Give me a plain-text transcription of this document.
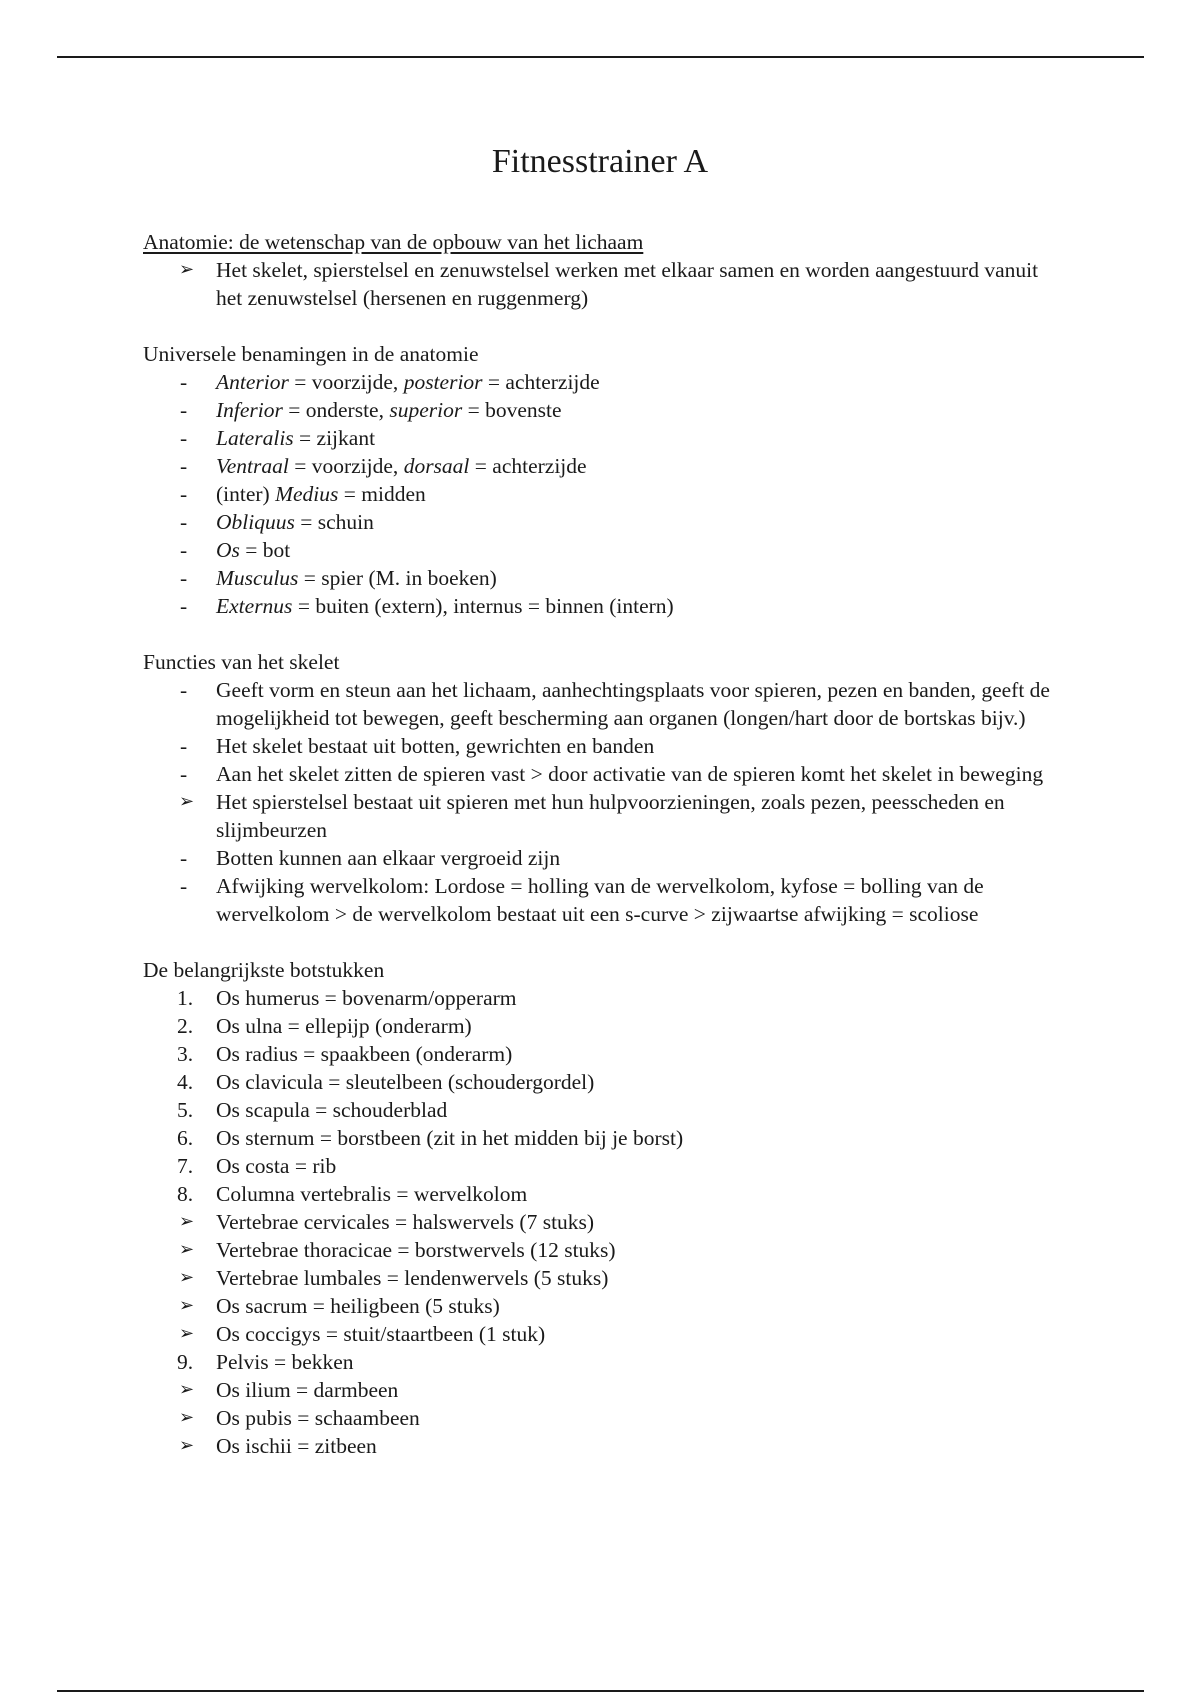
Fitnesstrainer A

Anatomie: de wetenschap van de opbouw van het lichaam

➢	Het skelet, spierstelsel en zenuwstelsel werken met elkaar samen en worden aangestuurd vanuit het zenuwstelsel (hersenen en ruggenmerg)

Universele benamingen in de anatomie

-	Anterior = voorzijde, posterior = achterzijde
-	Inferior = onderste, superior = bovenste
-	Lateralis = zijkant
-	Ventraal = voorzijde, dorsaal = achterzijde
-	(inter) Medius = midden
-	Obliquus = schuin
-	Os = bot
-	Musculus = spier (M. in boeken)
-	Externus = buiten (extern), internus = binnen (intern)

Functies van het skelet

-	Geeft vorm en steun aan het lichaam, aanhechtingsplaats voor spieren, pezen en banden, geeft de mogelijkheid tot bewegen, geeft bescherming aan organen (longen/hart door de bortskas bijv.)
-	Het skelet bestaat uit botten, gewrichten en banden
-	Aan het skelet zitten de spieren vast > door activatie van de spieren komt het skelet in beweging
➢	Het spierstelsel bestaat uit spieren met hun hulpvoorzieningen, zoals pezen, peesscheden en slijmbeurzen
-	Botten kunnen aan elkaar vergroeid zijn
-	Afwijking wervelkolom: Lordose = holling van de wervelkolom, kyfose = bolling van de wervelkolom > de wervelkolom bestaat uit een s-curve > zijwaartse afwijking = scoliose

De belangrijkste botstukken

1.	Os humerus = bovenarm/opperarm
2.	Os ulna = ellepijp (onderarm)
3.	Os radius = spaakbeen (onderarm)
4.	Os clavicula = sleutelbeen (schoudergordel)
5.	Os scapula = schouderblad
6.	Os sternum = borstbeen (zit in het midden bij je borst)
7.	Os costa = rib
8.	Columna vertebralis = wervelkolom
➢	Vertebrae cervicales = halswervels (7 stuks)
➢	Vertebrae thoracicae = borstwervels (12 stuks)
➢	Vertebrae lumbales = lendenwervels (5 stuks)
➢	Os sacrum = heiligbeen (5 stuks)
➢	Os coccigys = stuit/staartbeen (1 stuk)
9.	Pelvis = bekken
➢	Os ilium = darmbeen
➢	Os pubis = schaambeen
➢	Os ischii = zitbeen
